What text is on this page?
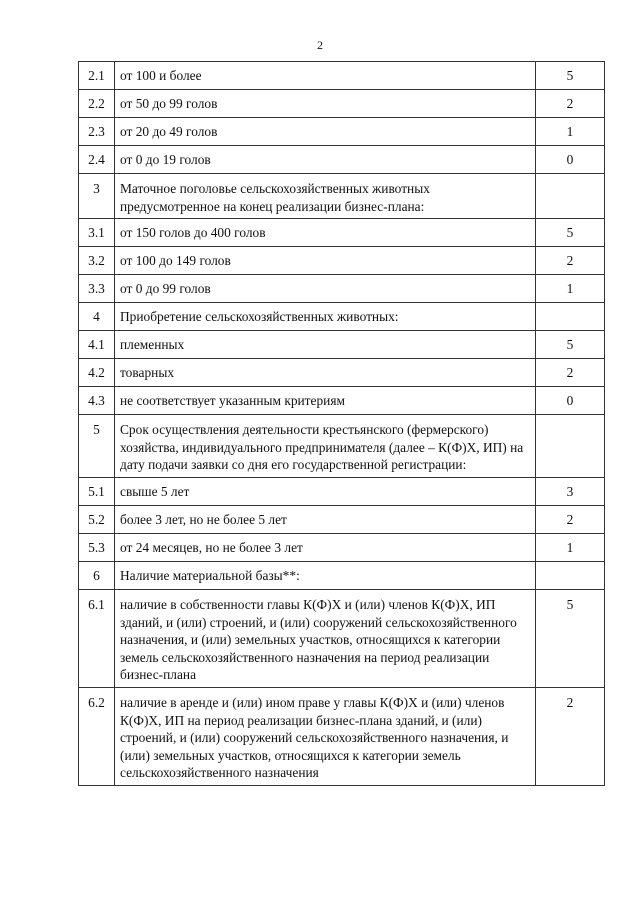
2
2.1	от 100 и более	5
2.2	от 50 до 99 голов	2
2.3	от 20 до 49 голов	1
2.4	от 0 до 19 голов	0
3	Маточное поголовье сельскохозяйственных животных предусмотренное на конец реализации бизнес-плана:	
3.1	от 150 голов до 400 голов	5
3.2	от 100 до 149 голов	2
3.3	от 0 до 99 голов	1
4	Приобретение сельскохозяйственных животных:	
4.1	племенных	5
4.2	товарных	2
4.3	не соответствует указанным критериям	0
5	Срок осуществления деятельности крестьянского (фермерского) хозяйства, индивидуального предпринимателя (далее – К(Ф)Х, ИП) на дату подачи заявки со дня его государственной регистрации:	
5.1	свыше 5 лет	3
5.2	более 3 лет, но не более 5 лет	2
5.3	от 24 месяцев, но не более 3 лет	1
6	Наличие материальной базы**:	
6.1	наличие в собственности главы К(Ф)Х и (или) членов К(Ф)Х, ИП зданий, и (или) строений, и (или) сооружений сельскохозяйственного назначения, и (или) земельных участков, относящихся к категории земель сельскохозяйственного назначения на период реализации бизнес-плана	5
6.2	наличие в аренде и (или) ином праве у главы К(Ф)Х и (или) членов К(Ф)Х, ИП на период реализации бизнес-плана зданий, и (или) строений, и (или) сооружений сельскохозяйственного назначения, и (или) земельных участков, относящихся к категории земель сельскохозяйственного назначения	2
